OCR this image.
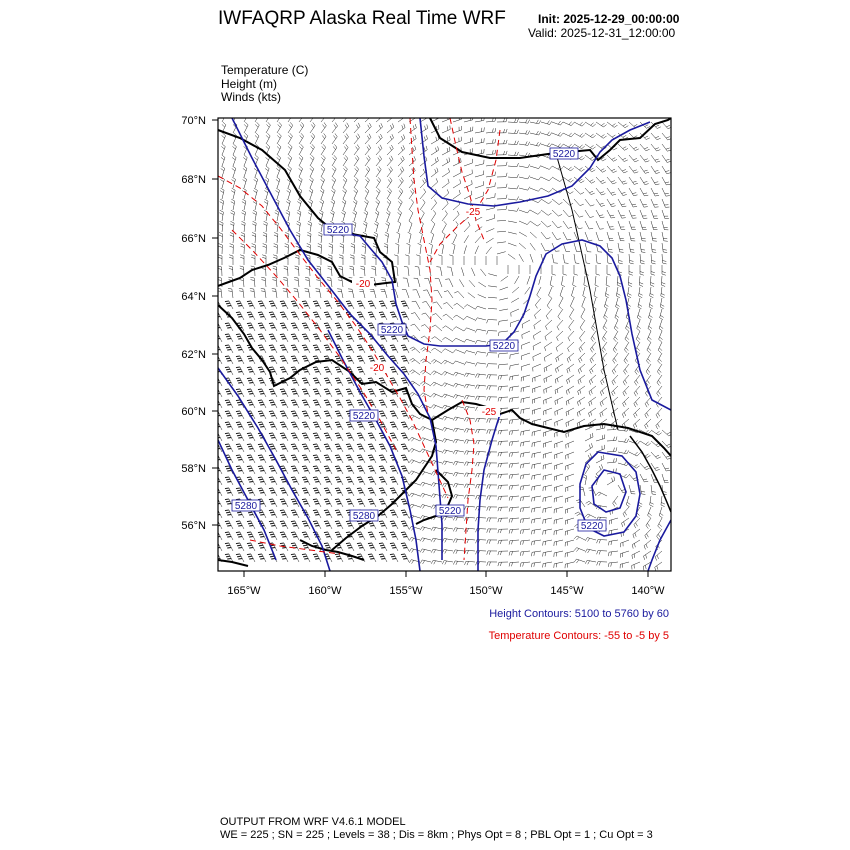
IWFAQRP Alaska Real Time WRF	Init: 2025-12-29_00:00:00
Valid: 2025-12-31_12:00:00
Temperature (C)
Height (m)
Winds (kts)
5220
5220
5220
5220
5220
5220
5220
5280
5280
-20
-20
-25
-25
70°N
68°N
66°N
64°N
62°N
60°N
58°N
56°N
165°W	160°W	155°W	150°W	145°W	140°W
Height Contours: 5100 to 5760 by 60
Temperature Contours: -55 to -5 by 5
OUTPUT FROM WRF V4.6.1 MODEL
WE = 225 ; SN = 225 ; Levels = 38 ; Dis = 8km ; Phys Opt = 8 ; PBL Opt = 1 ; Cu Opt = 3
